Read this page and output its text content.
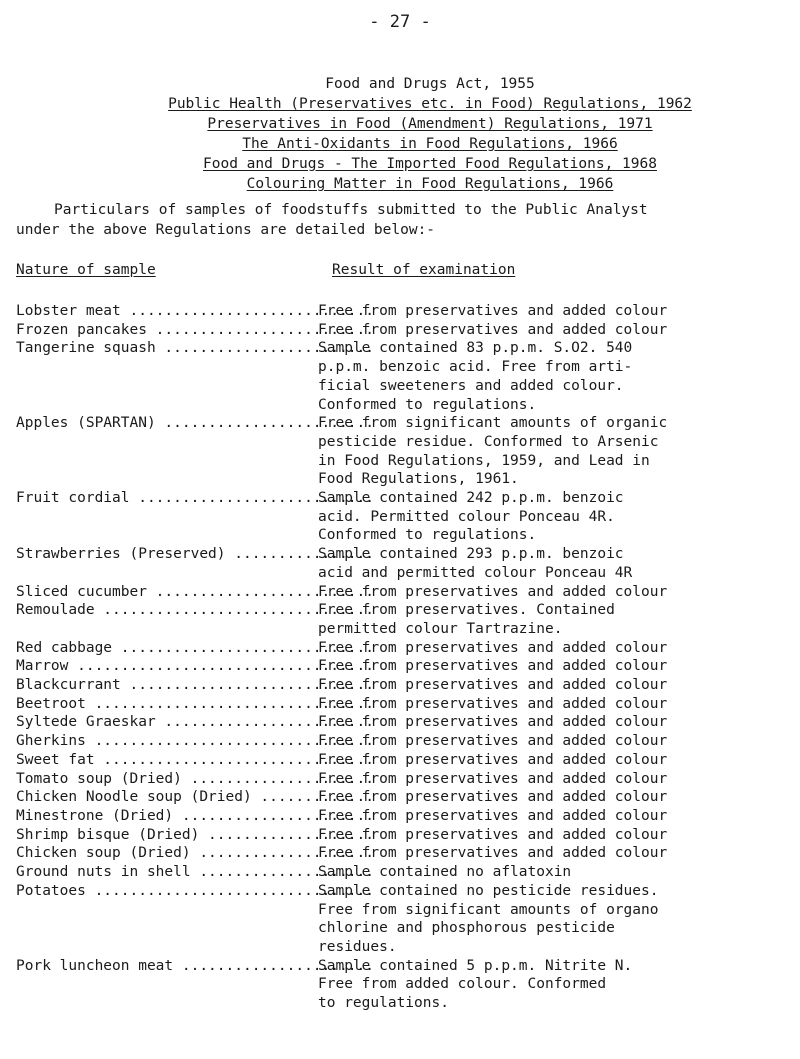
- 27 -
Food and Drugs Act, 1955
Public Health (Preservatives etc. in Food) Regulations, 1962
Preservatives in Food (Amendment) Regulations, 1971
The Anti-Oxidants in Food Regulations, 1966
Food and Drugs - The Imported Food Regulations, 1968
Colouring Matter in Food Regulations, 1966
Particulars of samples of foodstuffs submitted to the Public Analyst
under the above Regulations are detailed below:-
Nature of sample	Result of examination
Lobster meat ............................
Free from preservatives and added colour
Frozen pancakes .........................
Free from preservatives and added colour
Tangerine squash ........................
Sample contained 83 p.p.m. S.O2. 540
p.p.m. benzoic acid. Free from arti-
ficial sweeteners and added colour.
Conformed to regulations.
Apples (SPARTAN) ........................
Free from significant amounts of organic
pesticide residue. Conformed to Arsenic
in Food Regulations, 1959, and Lead in
Food Regulations, 1961.
Fruit cordial ...........................
Sample contained 242 p.p.m. benzoic
acid. Permitted colour Ponceau 4R.
Conformed to regulations.
Strawberries (Preserved) ................
Sample contained 293 p.p.m. benzoic
acid and permitted colour Ponceau 4R
Sliced cucumber .........................
Free from preservatives and added colour
Remoulade ...............................
Free from preservatives. Contained
permitted colour Tartrazine.
Red cabbage .............................
Free from preservatives and added colour
Marrow ..................................
Free from preservatives and added colour
Blackcurrant ............................
Free from preservatives and added colour
Beetroot ................................
Free from preservatives and added colour
Syltede Graeskar ........................
Free from preservatives and added colour
Gherkins ................................
Free from preservatives and added colour
Sweet fat ...............................
Free from preservatives and added colour
Tomato soup (Dried) .....................
Free from preservatives and added colour
Chicken Noodle soup (Dried) .............
Free from preservatives and added colour
Minestrone (Dried) ......................
Free from preservatives and added colour
Shrimp bisque (Dried) ...................
Free from preservatives and added colour
Chicken soup (Dried) ....................
Free from preservatives and added colour
Ground nuts in shell ....................
Sample contained no aflatoxin
Potatoes ................................
Sample contained no pesticide residues.
Free from significant amounts of organo
chlorine and phosphorous pesticide
residues.
Pork luncheon meat ......................
Sample contained 5 p.p.m. Nitrite N.
Free from added colour. Conformed
to regulations.
